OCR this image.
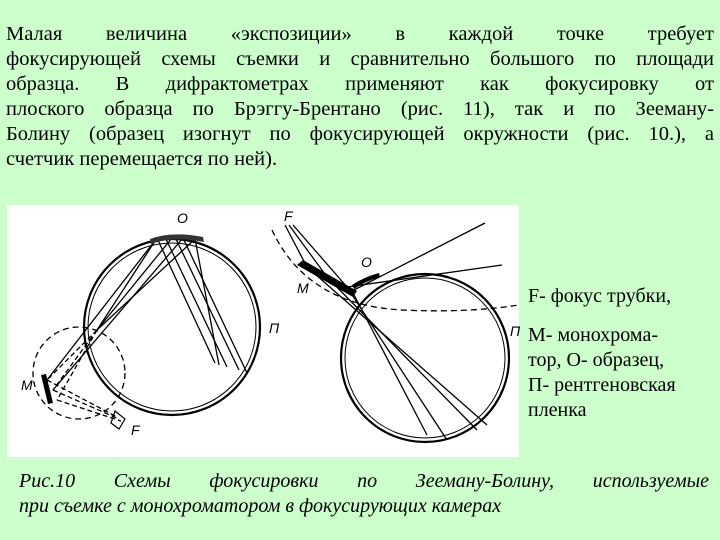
Малая величина «экспозиции» в каждой точке требует
фокусирующей схемы съемки и сравнительно большого по площади
образца. В дифрактометрах применяют как фокусировку от
плоского образца по Брэггу-Брентано (рис. 11), так и по Зееману-
Болину (образец изогнут по фокусирующей окружности (рис. 10.), а
счетчик перемещается по ней).
O
П
M
F
F
M
O
П
F- фокус трубки,
М- монохрома-
тор, О- образец,
П- рентгеновская
пленка
Рис.10 Схемы фокусировки по Зееману-Болину, используемые
при съемке с монохроматором в фокусирующих камерах
